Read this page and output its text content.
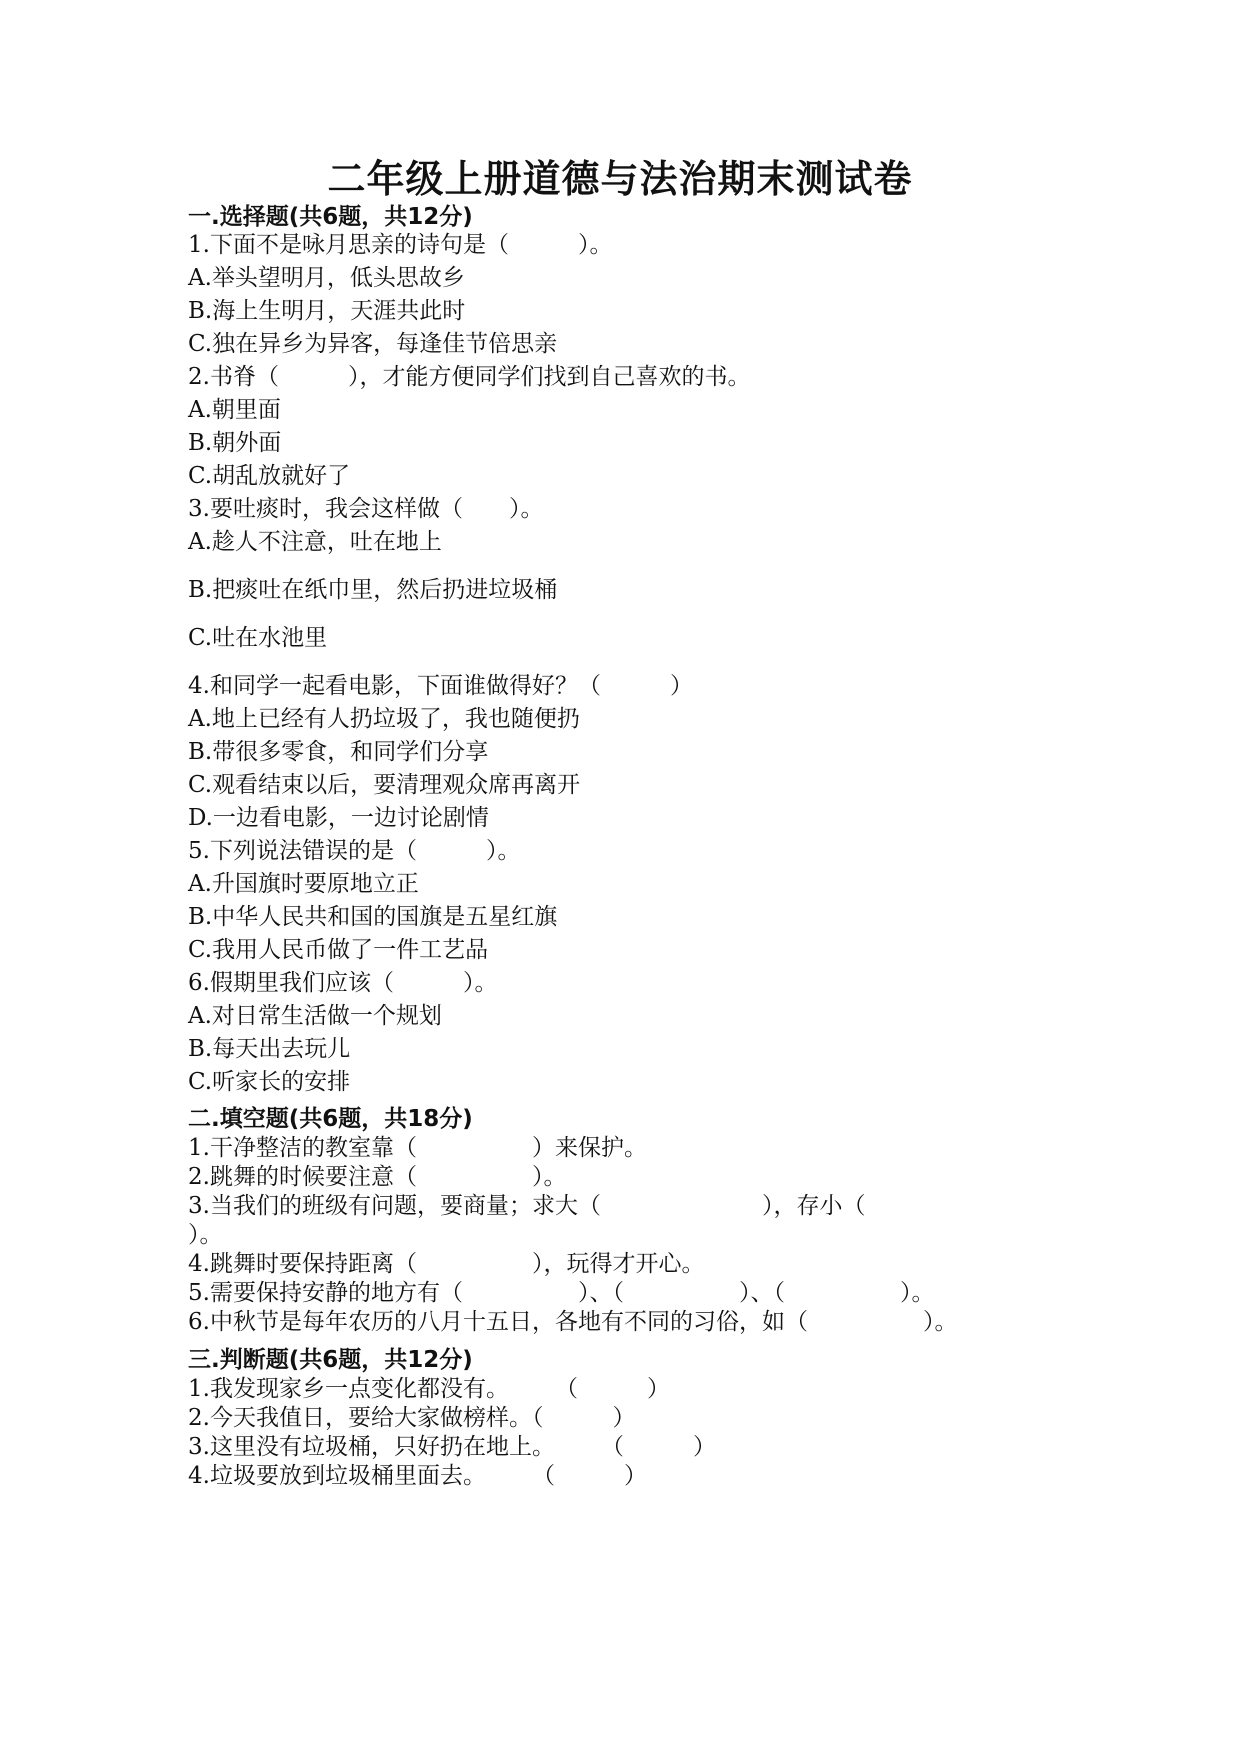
二年级上册道德与法治期末测试卷
一.选择题(共6题，共12分)
1.下面不是咏月思亲的诗句是（　　　）。
A.举头望明月，低头思故乡
B.海上生明月，天涯共此时
C.独在异乡为异客，每逢佳节倍思亲
2.书脊（　　　），才能方便同学们找到自己喜欢的书。
A.朝里面
B.朝外面
C.胡乱放就好了
3.要吐痰时，我会这样做（　　）。
A.趁人不注意，吐在地上
B.把痰吐在纸巾里，然后扔进垃圾桶
C.吐在水池里
4.和同学一起看电影，下面谁做得好？（　　　）
A.地上已经有人扔垃圾了，我也随便扔
B.带很多零食，和同学们分享
C.观看结束以后，要清理观众席再离开
D.一边看电影，一边讨论剧情
5.下列说法错误的是（　　　）。
A.升国旗时要原地立正
B.中华人民共和国的国旗是五星红旗
C.我用人民币做了一件工艺品
6.假期里我们应该（　　　）。
A.对日常生活做一个规划
B.每天出去玩儿
C.听家长的安排
二.填空题(共6题，共18分)
1.干净整洁的教室靠（　　　　　）来保护。
2.跳舞的时候要注意（　　　　　）。
3.当我们的班级有问题，要商量；求大（　　　　　　　），存小（
）。
4.跳舞时要保持距离（　　　　　），玩得才开心。
5.需要保持安静的地方有（　　　　　）、（　　　　　）、（　　　　　）。
6.中秋节是每年农历的八月十五日，各地有不同的习俗，如（　　　　　）。
三.判断题(共6题，共12分)
1.我发现家乡一点变化都没有。　　　（　　　）
2.今天我值日，要给大家做榜样。（　　　）
3.这里没有垃圾桶，只好扔在地上。　　　（　　　）
4.垃圾要放到垃圾桶里面去。　　　（　　　）
